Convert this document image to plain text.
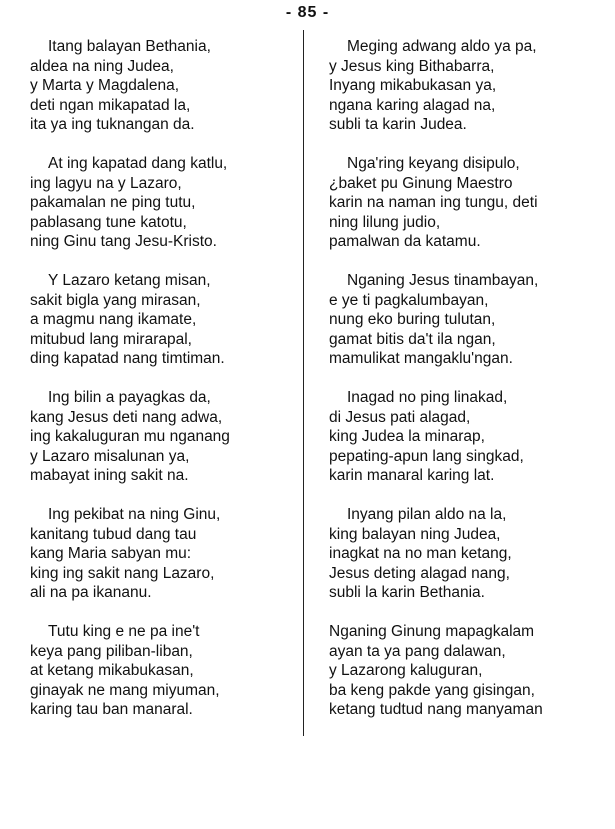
- 85 -
Itang balayan Bethania,
aldea na ning Judea,
y Marta y Magdalena,
deti ngan mikapatad la,
ita ya ing tuknangan da.
At ing kapatad dang katlu,
ing lagyu na y Lazaro,
pakamalan ne ping tutu,
pablasang tune katotu,
ning Ginu tang Jesu-Kristo.
Y Lazaro ketang misan,
sakit bigla yang mirasan,
a magmu nang ikamate,
mitubud lang mirarapal,
ding kapatad nang timtiman.
Ing bilin a payagkas da,
kang Jesus deti nang adwa,
ing kakaluguran mu nganang
y Lazaro misalunan ya,
mabayat ining sakit na.
Ing pekibat na ning Ginu,
kanitang tubud dang tau
kang Maria sabyan mu:
king ing sakit nang Lazaro,
ali na pa ikananu.
Tutu king e ne pa ine't
keya pang piliban-liban,
at ketang mikabukasan,
ginayak ne mang miyuman,
karing tau ban manaral.
Meging adwang aldo ya pa,
y Jesus king Bithabarra,
Inyang mikabukasan ya,
ngana karing alagad na,
subli ta karin Judea.
Nga'ring keyang disipulo,
¿baket pu Ginung Maestro
karin na naman ing tungu, deti
ning lilung judio,
pamalwan da katamu.
Nganing Jesus tinambayan,
e ye ti pagkalumbayan,
nung eko buring tulutan,
gamat bitis da't ila ngan,
mamulikat mangaklu'ngan.
Inagad no ping linakad,
di Jesus pati alagad,
king Judea la minarap,
pepating-apun lang singkad,
karin manaral karing lat.
Inyang pilan aldo na la,
king balayan ning Judea,
inagkat na no man ketang,
Jesus deting alagad nang,
subli la karin Bethania.
Nganing Ginung mapagkalam
ayan ta ya pang dalawan,
y Lazarong kaluguran,
ba keng pakde yang gisingan,
ketang tudtud nang manyaman
